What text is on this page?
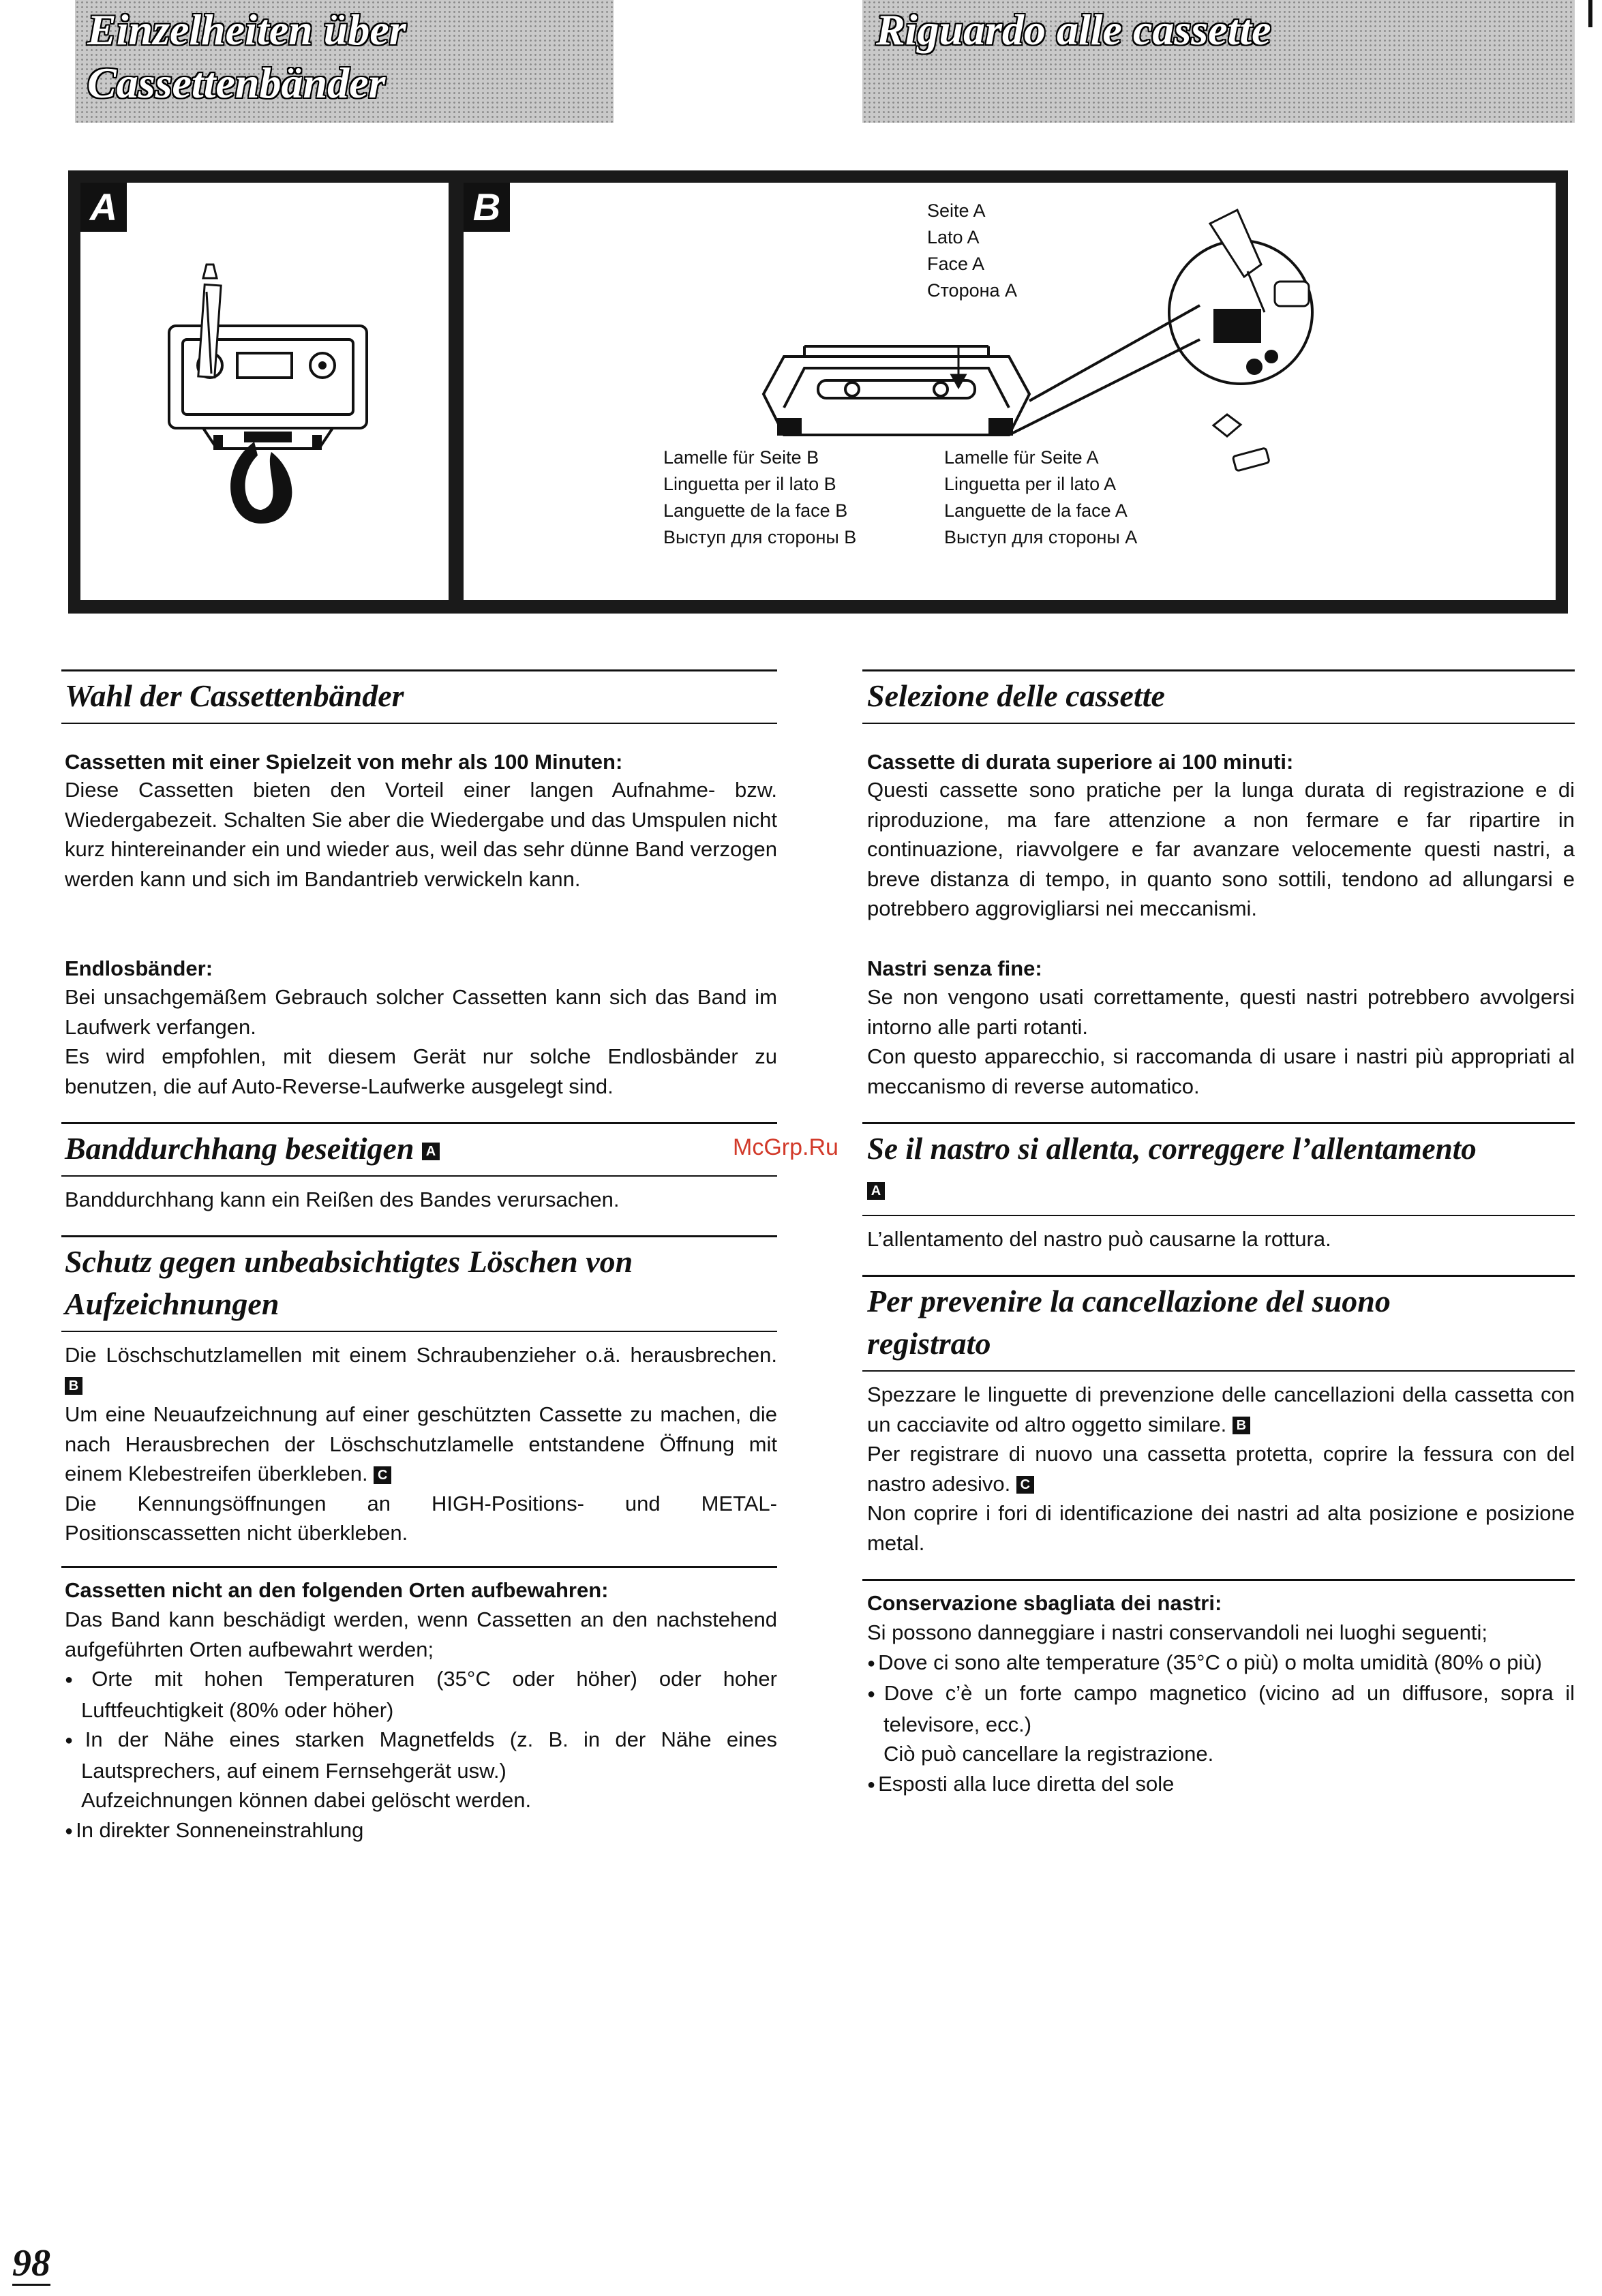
Einzelheiten über
Cassettenbänder
Riguardo alle cassette
A	B	Seite A
Lato A
Face A
Сторона A
Lamelle für Seite B
Linguetta per il lato B
Languette de la face B
Выступ для стороны B
Lamelle für Seite A
Linguetta per il lato A
Languette de la face A
Выступ для стороны A
Wahl der Cassettenbänder
Cassetten mit einer Spielzeit von mehr als 100 Minuten:
Diese Cassetten bieten den Vorteil einer langen Aufnahme- bzw. Wiedergabezeit. Schalten Sie aber die Wiedergabe und das Umspulen nicht kurz hintereinander ein und wieder aus, weil das sehr dünne Band verzogen werden kann und sich im Bandantrieb verwickeln kann.
Endlosbänder:
Bei unsachgemäßem Gebrauch solcher Cassetten kann sich das Band im Laufwerk verfangen.
Es wird empfohlen, mit diesem Gerät nur solche Endlosbänder zu benutzen, die auf Auto-Reverse-Laufwerke ausgelegt sind.
Banddurchhang beseitigen A
Banddurchhang kann ein Reißen des Bandes verursachen.
Schutz gegen unbeabsichtigtes Löschen von
Aufzeichnungen
Die Löschschutzlamellen mit einem Schraubenzieher o.ä. herausbrechen. B
Um eine Neuaufzeichnung auf einer geschützten Cassette zu machen, die nach Herausbrechen der Löschschutzlamelle entstandene Öffnung mit einem Klebestreifen überkleben. C
Die Kennungsöffnungen an HIGH-Positions- und METAL-Positionscassetten nicht überkleben.
Cassetten nicht an den folgenden Orten aufbewahren:
Das Band kann beschädigt werden, wenn Cassetten an den nachstehend aufgeführten Orten aufbewahrt werden;
● Orte mit hohen Temperaturen (35°C oder höher) oder hoher Luftfeuchtigkeit (80% oder höher)
● In der Nähe eines starken Magnetfelds (z. B. in der Nähe eines Lautsprechers, auf einem Fernsehgerät usw.)
Aufzeichnungen können dabei gelöscht werden.
● In direkter Sonneneinstrahlung
Selezione delle cassette
Cassette di durata superiore ai 100 minuti:
Questi cassette sono pratiche per la lunga durata di registrazione e di riproduzione, ma fare attenzione a non fermare e far ripartire in continuazione, riavvolgere e far avanzare velocemente questi nastri, a breve distanza di tempo, in quanto sono sottili, tendono ad allungarsi e potrebbero aggrovigliarsi nei meccanismi.
Nastri senza fine:
Se non vengono usati correttamente, questi nastri potrebbero avvolgersi intorno alle parti rotanti.
Con questo apparecchio, si raccomanda di usare i nastri più appropriati al meccanismo di reverse automatico.
Se il nastro si allenta, correggere l’allentamento
A
L’allentamento del nastro può causarne la rottura.
Per prevenire la cancellazione del suono
registrato
Spezzare le linguette di prevenzione delle cancellazioni della cassetta con un cacciavite od altro oggetto similare. B
Per registrare di nuovo una cassetta protetta, coprire la fessura con del nastro adesivo. C
Non coprire i fori di identificazione dei nastri ad alta posizione e posizione metal.
Conservazione sbagliata dei nastri:
Si possono danneggiare i nastri conservandoli nei luoghi seguenti;
● Dove ci sono alte temperature (35°C o più) o molta umidità (80% o più)
● Dove c’è un forte campo magnetico (vicino ad un diffusore, sopra il televisore, ecc.)
Ciò può cancellare la registrazione.
● Esposti alla luce diretta del sole
McGrp.Ru
98
